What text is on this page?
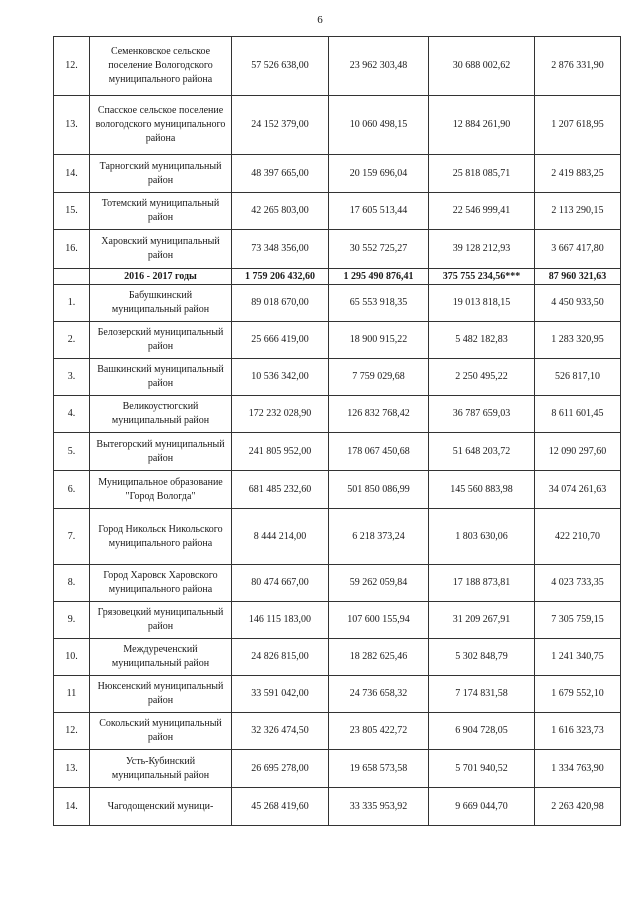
6
12.	Семенковское сельское поселение Вологодского муниципального района	57 526 638,00	23 962 303,48	30 688 002,62	2 876 331,90
13.	Спасское сельское поселение вологодского муниципального района	24 152 379,00	10 060 498,15	12 884 261,90	1 207 618,95
14.	Тарногский муниципальный район	48 397 665,00	20 159 696,04	25 818 085,71	2 419 883,25
15.	Тотемский муниципальный район	42 265 803,00	17 605 513,44	22 546 999,41	2 113 290,15
16.	Харовский муниципальный район	73 348 356,00	30 552 725,27	39 128 212,93	3 667 417,80
	2016 - 2017 годы	1 759 206 432,60	1 295 490 876,41	375 755 234,56***	87 960 321,63
1.	Бабушкинский муниципальный район	89 018 670,00	65 553 918,35	19 013 818,15	4 450 933,50
2.	Белозерский муниципальный район	25 666 419,00	18 900 915,22	5 482 182,83	1 283 320,95
3.	Вашкинский муниципальный район	10 536 342,00	7 759 029,68	2 250 495,22	526 817,10
4.	Великоустюгский муниципальный район	172 232 028,90	126 832 768,42	36 787 659,03	8 611 601,45
5.	Вытегорский муниципальный район	241 805 952,00	178 067 450,68	51 648 203,72	12 090 297,60
6.	Муниципальное образование "Город Вологда"	681 485 232,60	501 850 086,99	145 560 883,98	34 074 261,63
7.	Город Никольск Никольского муниципального района	8 444 214,00	6 218 373,24	1 803 630,06	422 210,70
8.	Город Харовск Харовского муниципального района	80 474 667,00	59 262 059,84	17 188 873,81	4 023 733,35
9.	Грязовецкий муниципальный район	146 115 183,00	107 600 155,94	31 209 267,91	7 305 759,15
10.	Междуреченский муниципальный район	24 826 815,00	18 282 625,46	5 302 848,79	1 241 340,75
11	Нюксенский муниципальный район	33 591 042,00	24 736 658,32	7 174 831,58	1 679 552,10
12.	Сокольский муниципальный район	32 326 474,50	23 805 422,72	6 904 728,05	1 616 323,73
13.	Усть-Кубинский муниципальный район	26 695 278,00	19 658 573,58	5 701 940,52	1 334 763,90
14.	Чагодощенский муници-	45 268 419,60	33 335 953,92	9 669 044,70	2 263 420,98
